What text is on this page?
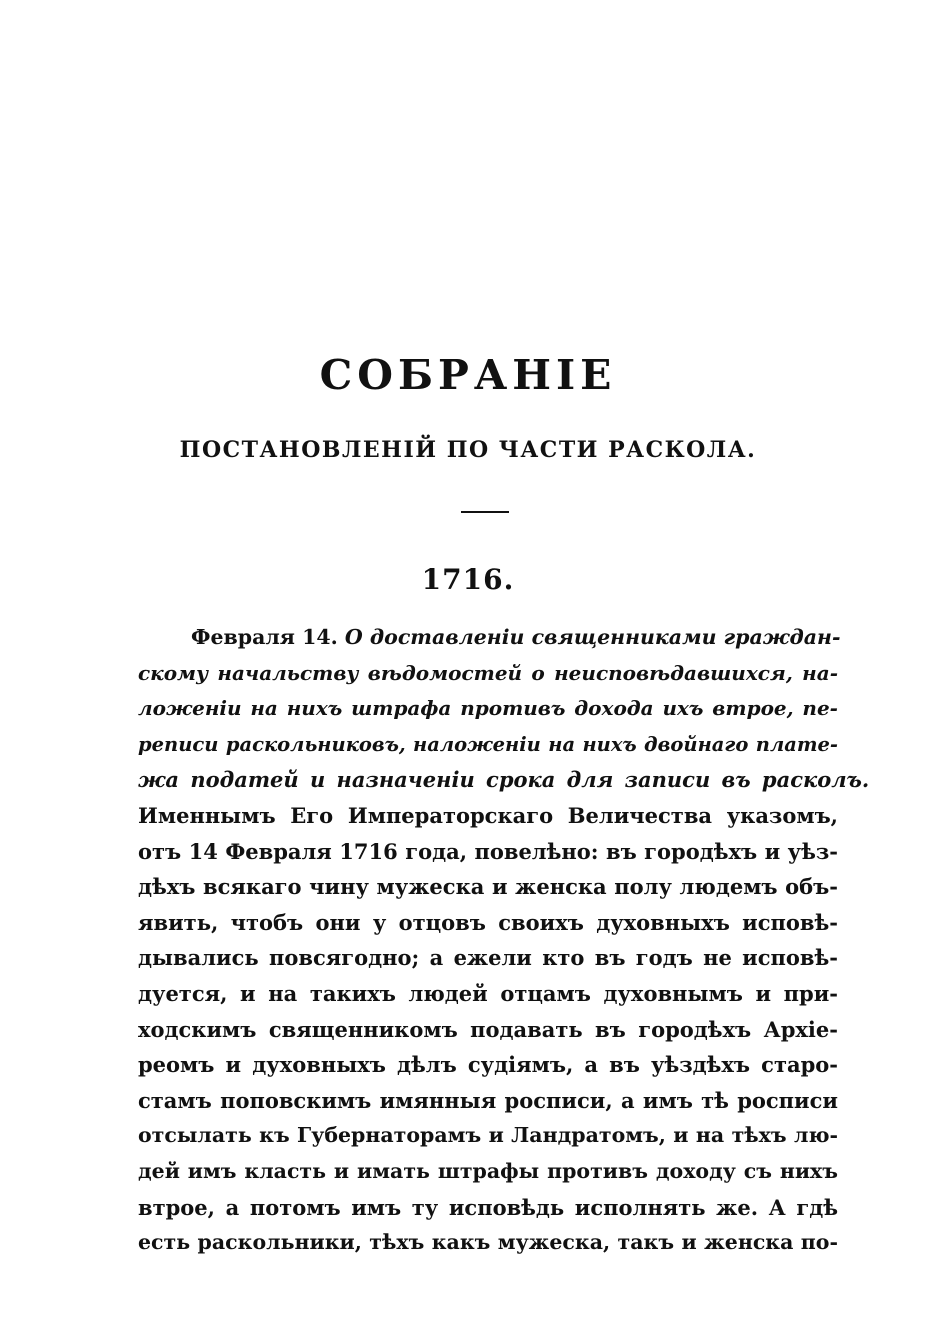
СОБРАНІЕ
ПОСТАНОВЛЕНІЙ ПО ЧАСТИ РАСКОЛА.
1716.
Февраля 14. О доставленіи священниками граждан-
скому начальству вѣдомостей о неисповѣдавшихся, на-
ложеніи на нихъ штрафа противъ дохода ихъ втрое, пе-
реписи раскольниковъ, наложеніи на нихъ двойнаго плате-
жа податей и назначеніи срока для записи въ расколъ.
Именнымъ Его Императорскаго Величества указомъ,
отъ 14 Февраля 1716 года, повелѣно: въ городѣхъ и уѣз-
дѣхъ всякаго чину мужеска и женска полу людемъ объ-
явить, чтобъ они у отцовъ своихъ духовныхъ исповѣ-
дывались повсягодно; а ежели кто въ годъ не исповѣ-
дуется, и на такихъ людей отцамъ духовнымъ и при-
ходскимъ священникомъ подавать въ городѣхъ Архіе-
реомъ и духовныхъ дѣлъ судіямъ, а въ уѣздѣхъ старо-
стамъ поповскимъ имянныя росписи, а имъ тѣ росписи
отсылать къ Губернаторамъ и Ландратомъ, и на тѣхъ лю-
дей имъ класть и имать штрафы противъ доходу съ нихъ
втрое, а потомъ имъ ту исповѣдь исполнять же. А гдѣ
есть раскольники, тѣхъ какъ мужеска, такъ и женска по-
